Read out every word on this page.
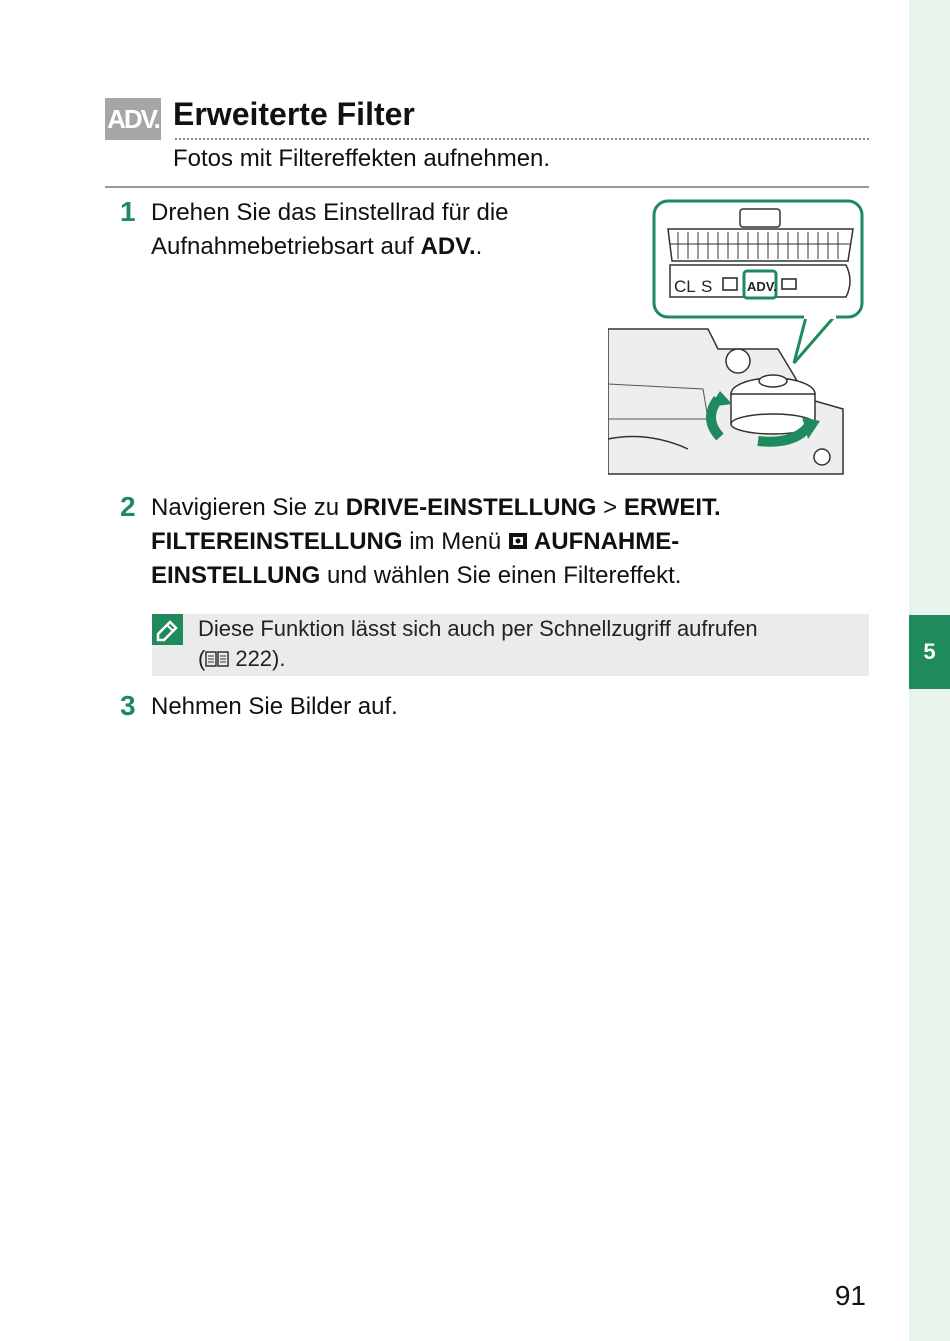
5
ADV. Erweiterte Filter
Fotos mit Filtereffekten aufnehmen.
1 Drehen Sie das Einstellrad für die
Aufnahmebetriebsart auf ADV..
CL S	ADV.
2 Navigieren Sie zu DRIVE-EINSTELLUNG > ERWEIT.
FILTEREINSTELLUNG im Menü AUFNAHME-
EINSTELLUNG und wählen Sie einen Filtereffekt.
Diese Funktion lässt sich auch per Schnellzugriff aufrufen
( 222).
3 Nehmen Sie Bilder auf.
91
